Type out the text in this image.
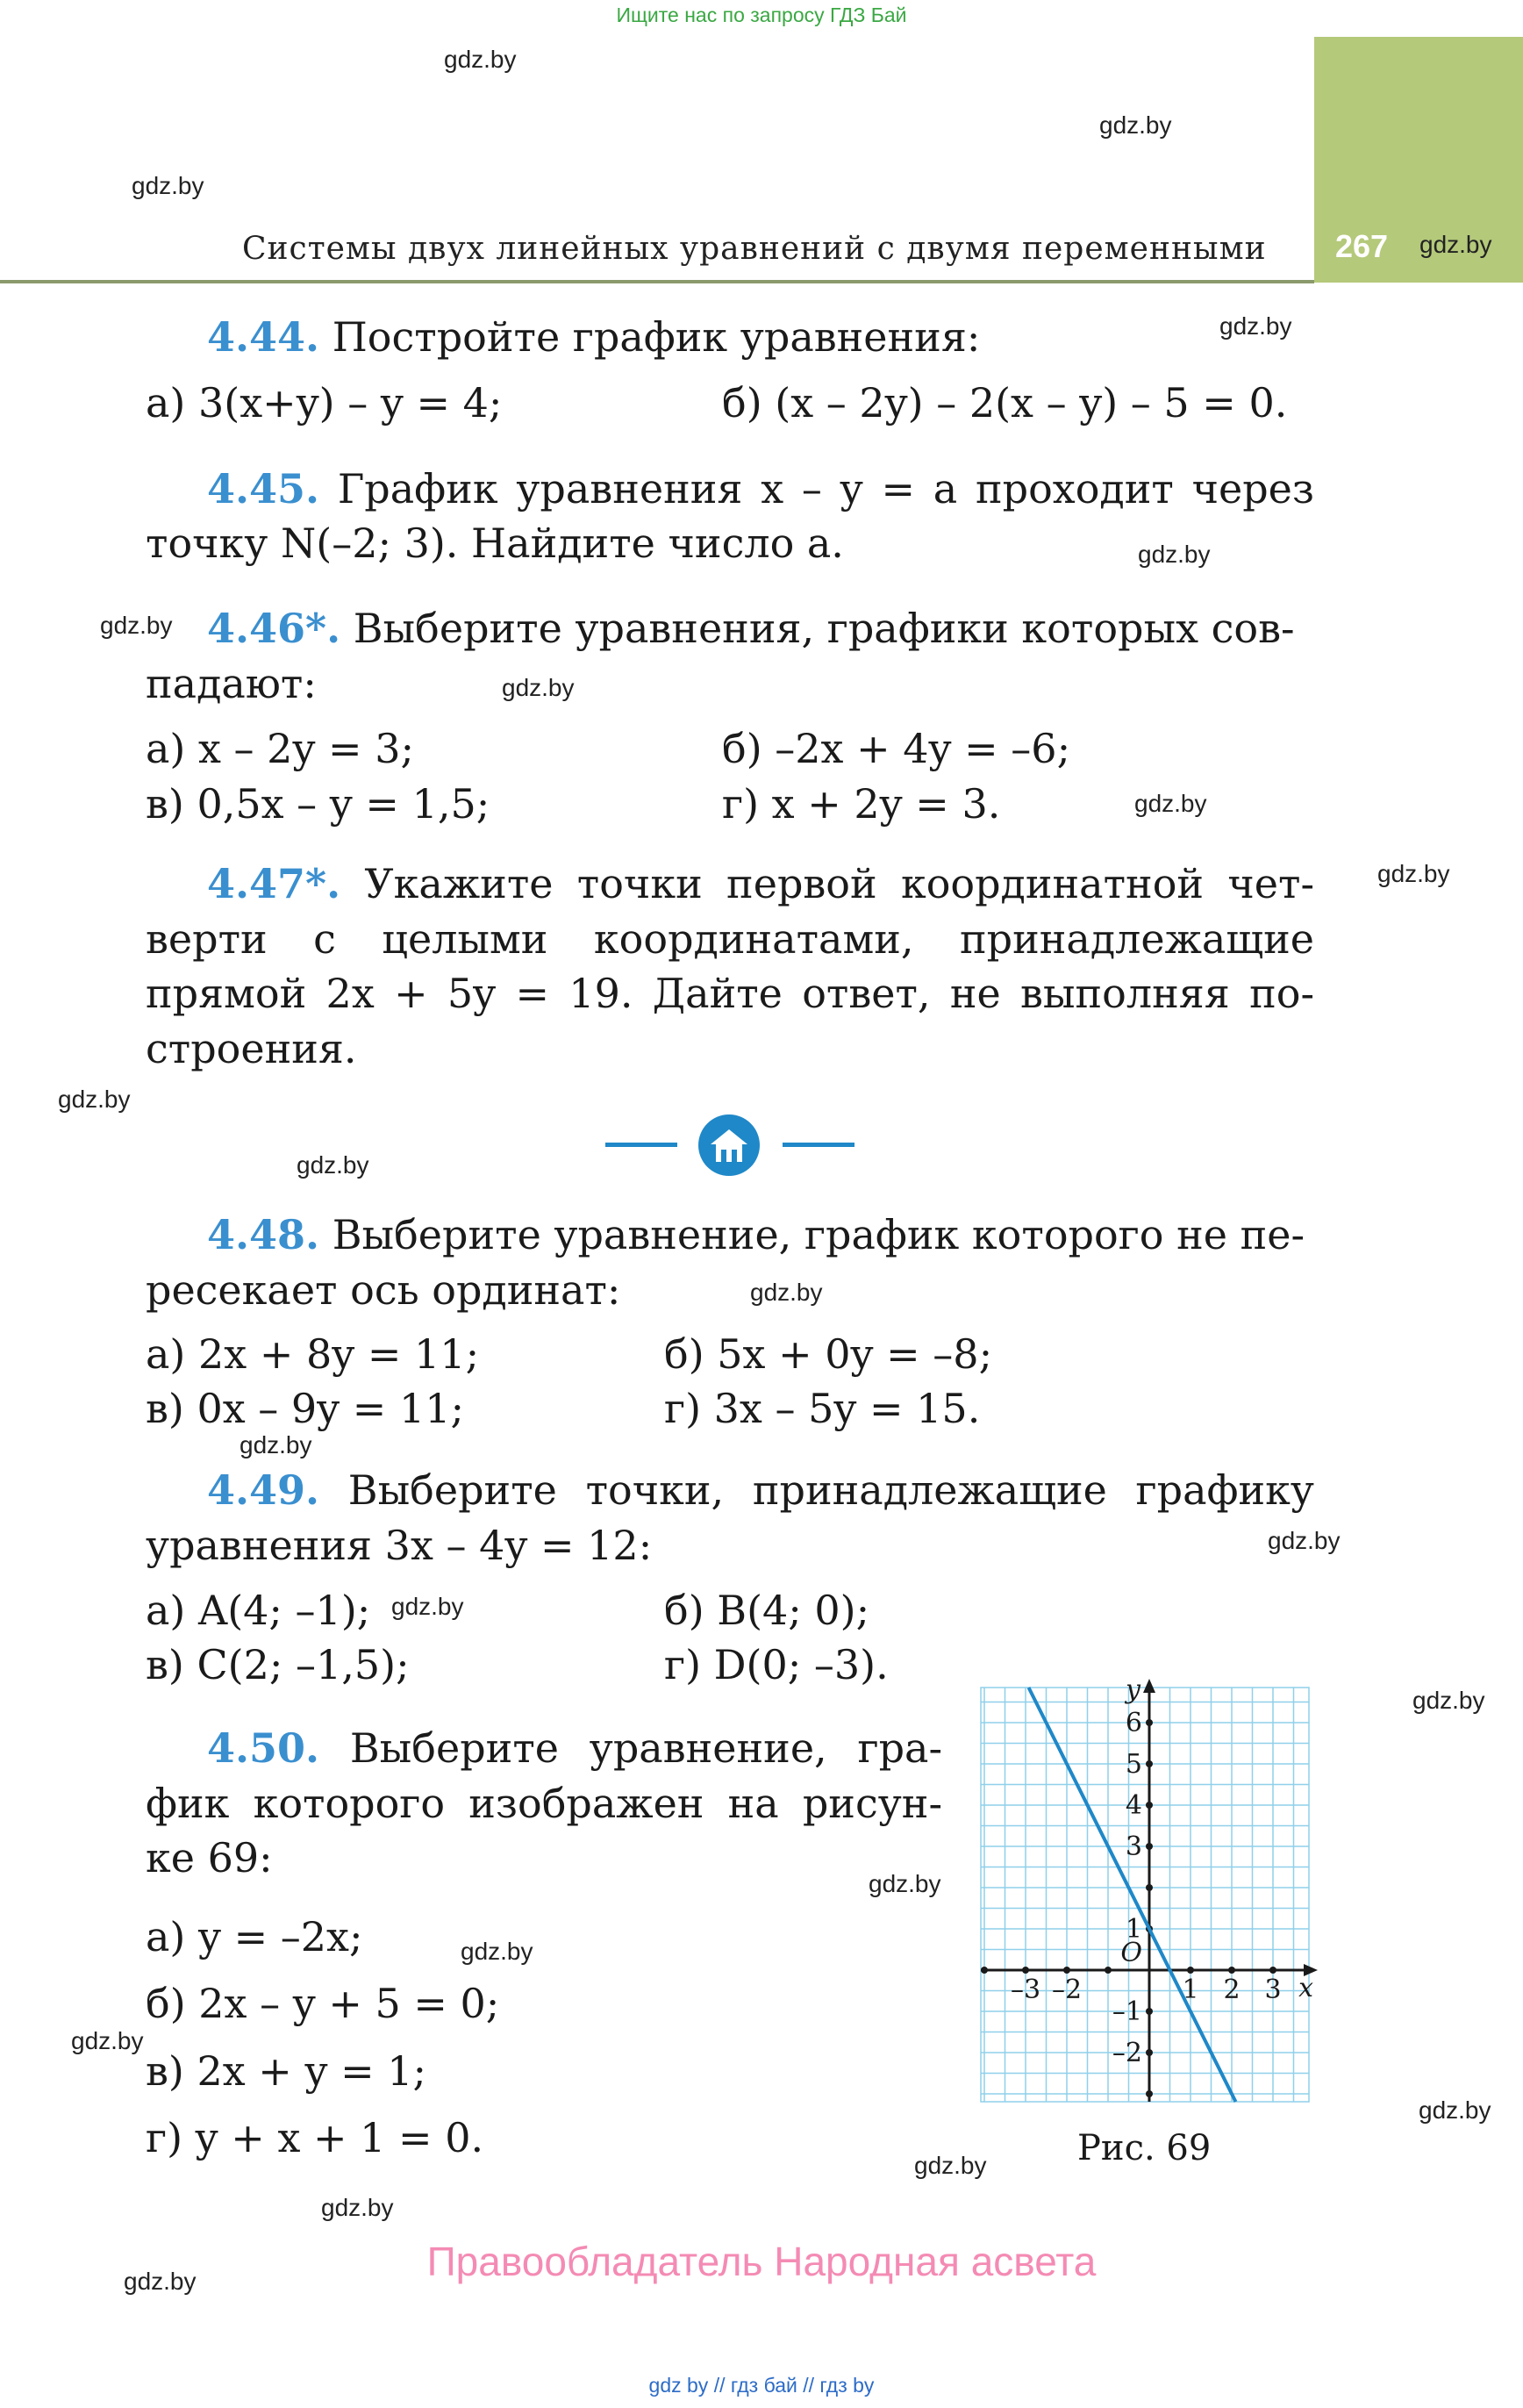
Ищите нас по запросу ГДЗ Бай
267
Системы двух линейных уравнений с двумя переменными
gdz.by
gdz.by
gdz.by
gdz.by
gdz.by
gdz.by
gdz.by
gdz.by
gdz.by
gdz.by
gdz.by
gdz.by
gdz.by
gdz.by
gdz.by
gdz.by
gdz.by
gdz.by
gdz.by
gdz.by
gdz.by
gdz.by
gdz.by
gdz.by
4.44. Постройте график уравнения:
а) 3(x+y) – y = 4;	б) (x – 2y) – 2(x – y) – 5 = 0.
4.45. График уравнения x – y = a проходит через
точку N(–2; 3). Найдите число a.
4.46*. Выберите уравнения, графики которых сов-
падают:
а) x – 2y = 3;	б) –2x + 4y = –6;
в) 0,5x – y = 1,5;	г) x + 2y = 3.
4.47*. Укажите точки первой координатной чет-
верти с целыми координатами, принадлежащие
прямой 2x + 5y = 19. Дайте ответ, не выполняя по-
строения.
4.48. Выберите уравнение, график которого не пе-
ресекает ось ординат:
а) 2x + 8y = 11;	б) 5x + 0y = –8;
в) 0x – 9y = 11;	г) 3x – 5y = 15.
4.49. Выберите точки, принадлежащие графику
уравнения 3x – 4y = 12:
а) A(4; –1);	б) B(4; 0);
в) C(2; –1,5);	г) D(0; –3).
4.50. Выберите уравнение, гра-
фик которого изображен на рисун-
ке 69:
а) y = –2x;
б) 2x – y + 5 = 0;
в) 2x + y = 1;
г) y + x + 1 = 0.
–3 –2	1 2 3
6
5
4
3
1
–1
–2
O
x
y
Рис. 69
Правообладатель Народная асвета
gdz by // гдз бай // гдз by
